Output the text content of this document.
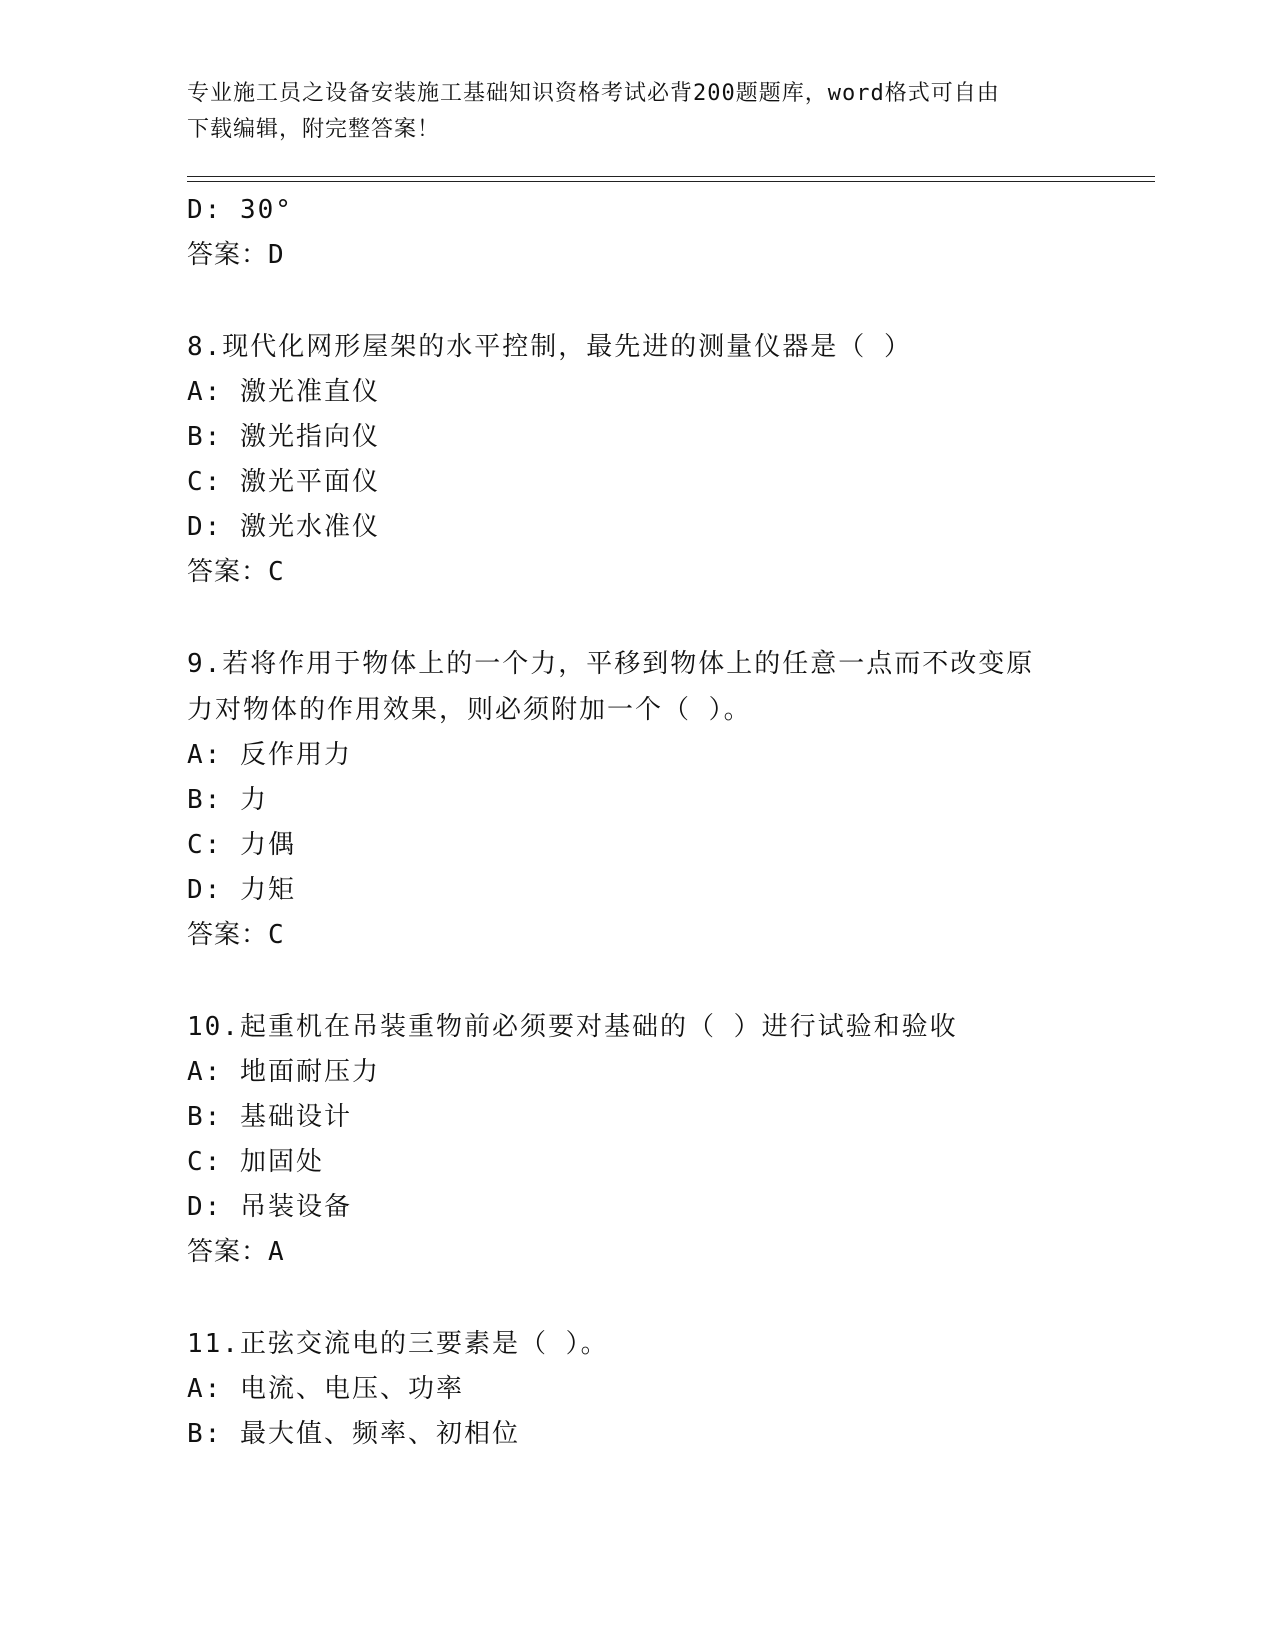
专业施工员之设备安装施工基础知识资格考试必背200题题库，word格式可自由
下载编辑，附完整答案！
D: 30°
答案：D
8.现代化网形屋架的水平控制，最先进的测量仪器是（ ）
A: 激光准直仪
B: 激光指向仪
C: 激光平面仪
D: 激光水准仪
答案：C
9.若将作用于物体上的一个力，平移到物体上的任意一点而不改变原
力对物体的作用效果，则必须附加一个（ ）。
A: 反作用力
B: 力
C: 力偶
D: 力矩
答案：C
10.起重机在吊装重物前必须要对基础的（ ）进行试验和验收
A: 地面耐压力
B: 基础设计
C: 加固处
D: 吊装设备
答案：A
11.正弦交流电的三要素是（ ）。
A: 电流、电压、功率
B: 最大值、频率、初相位
